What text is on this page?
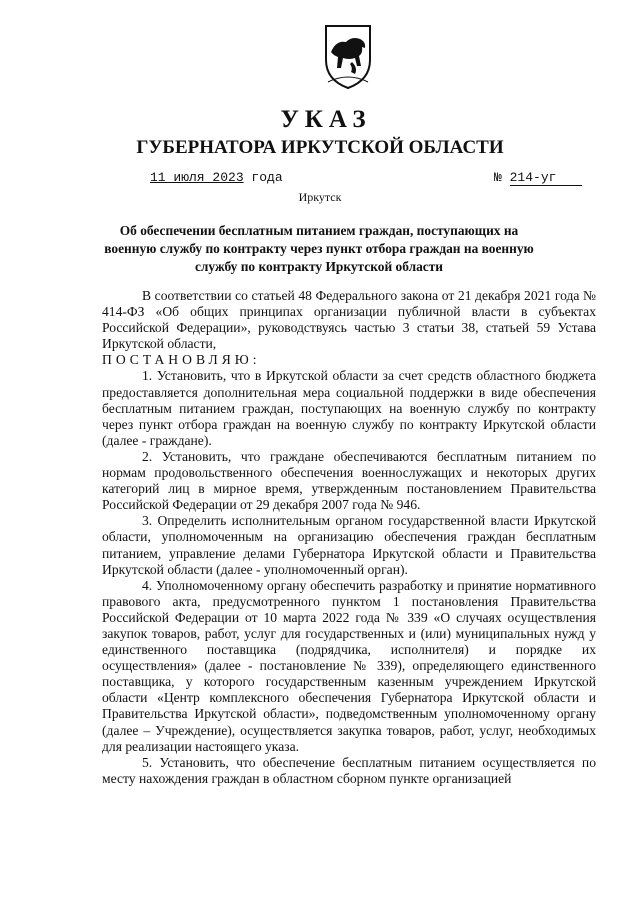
УКАЗ
ГУБЕРНАТОРА ИРКУТСКОЙ ОБЛАСТИ
11 июля 2023 года	№ 214-уг
Иркутск
Об обеспечении бесплатным питанием граждан, поступающих на военную службу по контракту через пункт отбора граждан на военную службу по контракту Иркутской области

В соответствии со статьей 48 Федерального закона от 21 декабря 2021 года № 414-ФЗ «Об общих принципах организации публичной власти в субъектах Российской Федерации», руководствуясь частью 3 статьи 38, статьей 59 Устава Иркутской области,

ПОСТАНОВЛЯЮ:

1. Установить, что в Иркутской области за счет средств областного бюджета предоставляется дополнительная мера социальной поддержки в виде обеспечения бесплатным питанием граждан, поступающих на военную службу по контракту через пункт отбора граждан на военную службу по контракту Иркутской области (далее - граждане).

2. Установить, что граждане обеспечиваются бесплатным питанием по нормам продовольственного обеспечения военнослужащих и некоторых других категорий лиц в мирное время, утвержденным постановлением Правительства Российской Федерации от 29 декабря 2007 года № 946.

3. Определить исполнительным органом государственной власти Иркутской области, уполномоченным на организацию обеспечения граждан бесплатным питанием, управление делами Губернатора Иркутской области и Правительства Иркутской области (далее - уполномоченный орган).

4. Уполномоченному органу обеспечить разработку и принятие нормативного правового акта, предусмотренного пунктом 1 постановления Правительства Российской Федерации от 10 марта 2022 года № 339 «О случаях осуществления закупок товаров, работ, услуг для государственных и (или) муниципальных нужд у единственного поставщика (подрядчика, исполнителя) и порядке их осуществления» (далее - постановление № 339), определяющего единственного поставщика, у которого государственным казенным учреждением Иркутской области «Центр комплексного обеспечения Губернатора Иркутской области и Правительства Иркутской области», подведомственным уполномоченному органу (далее – Учреждение), осуществляется закупка товаров, работ, услуг, необходимых для реализации настоящего указа.

5. Установить, что обеспечение бесплатным питанием осуществляется по месту нахождения граждан в областном сборном пункте организацией
